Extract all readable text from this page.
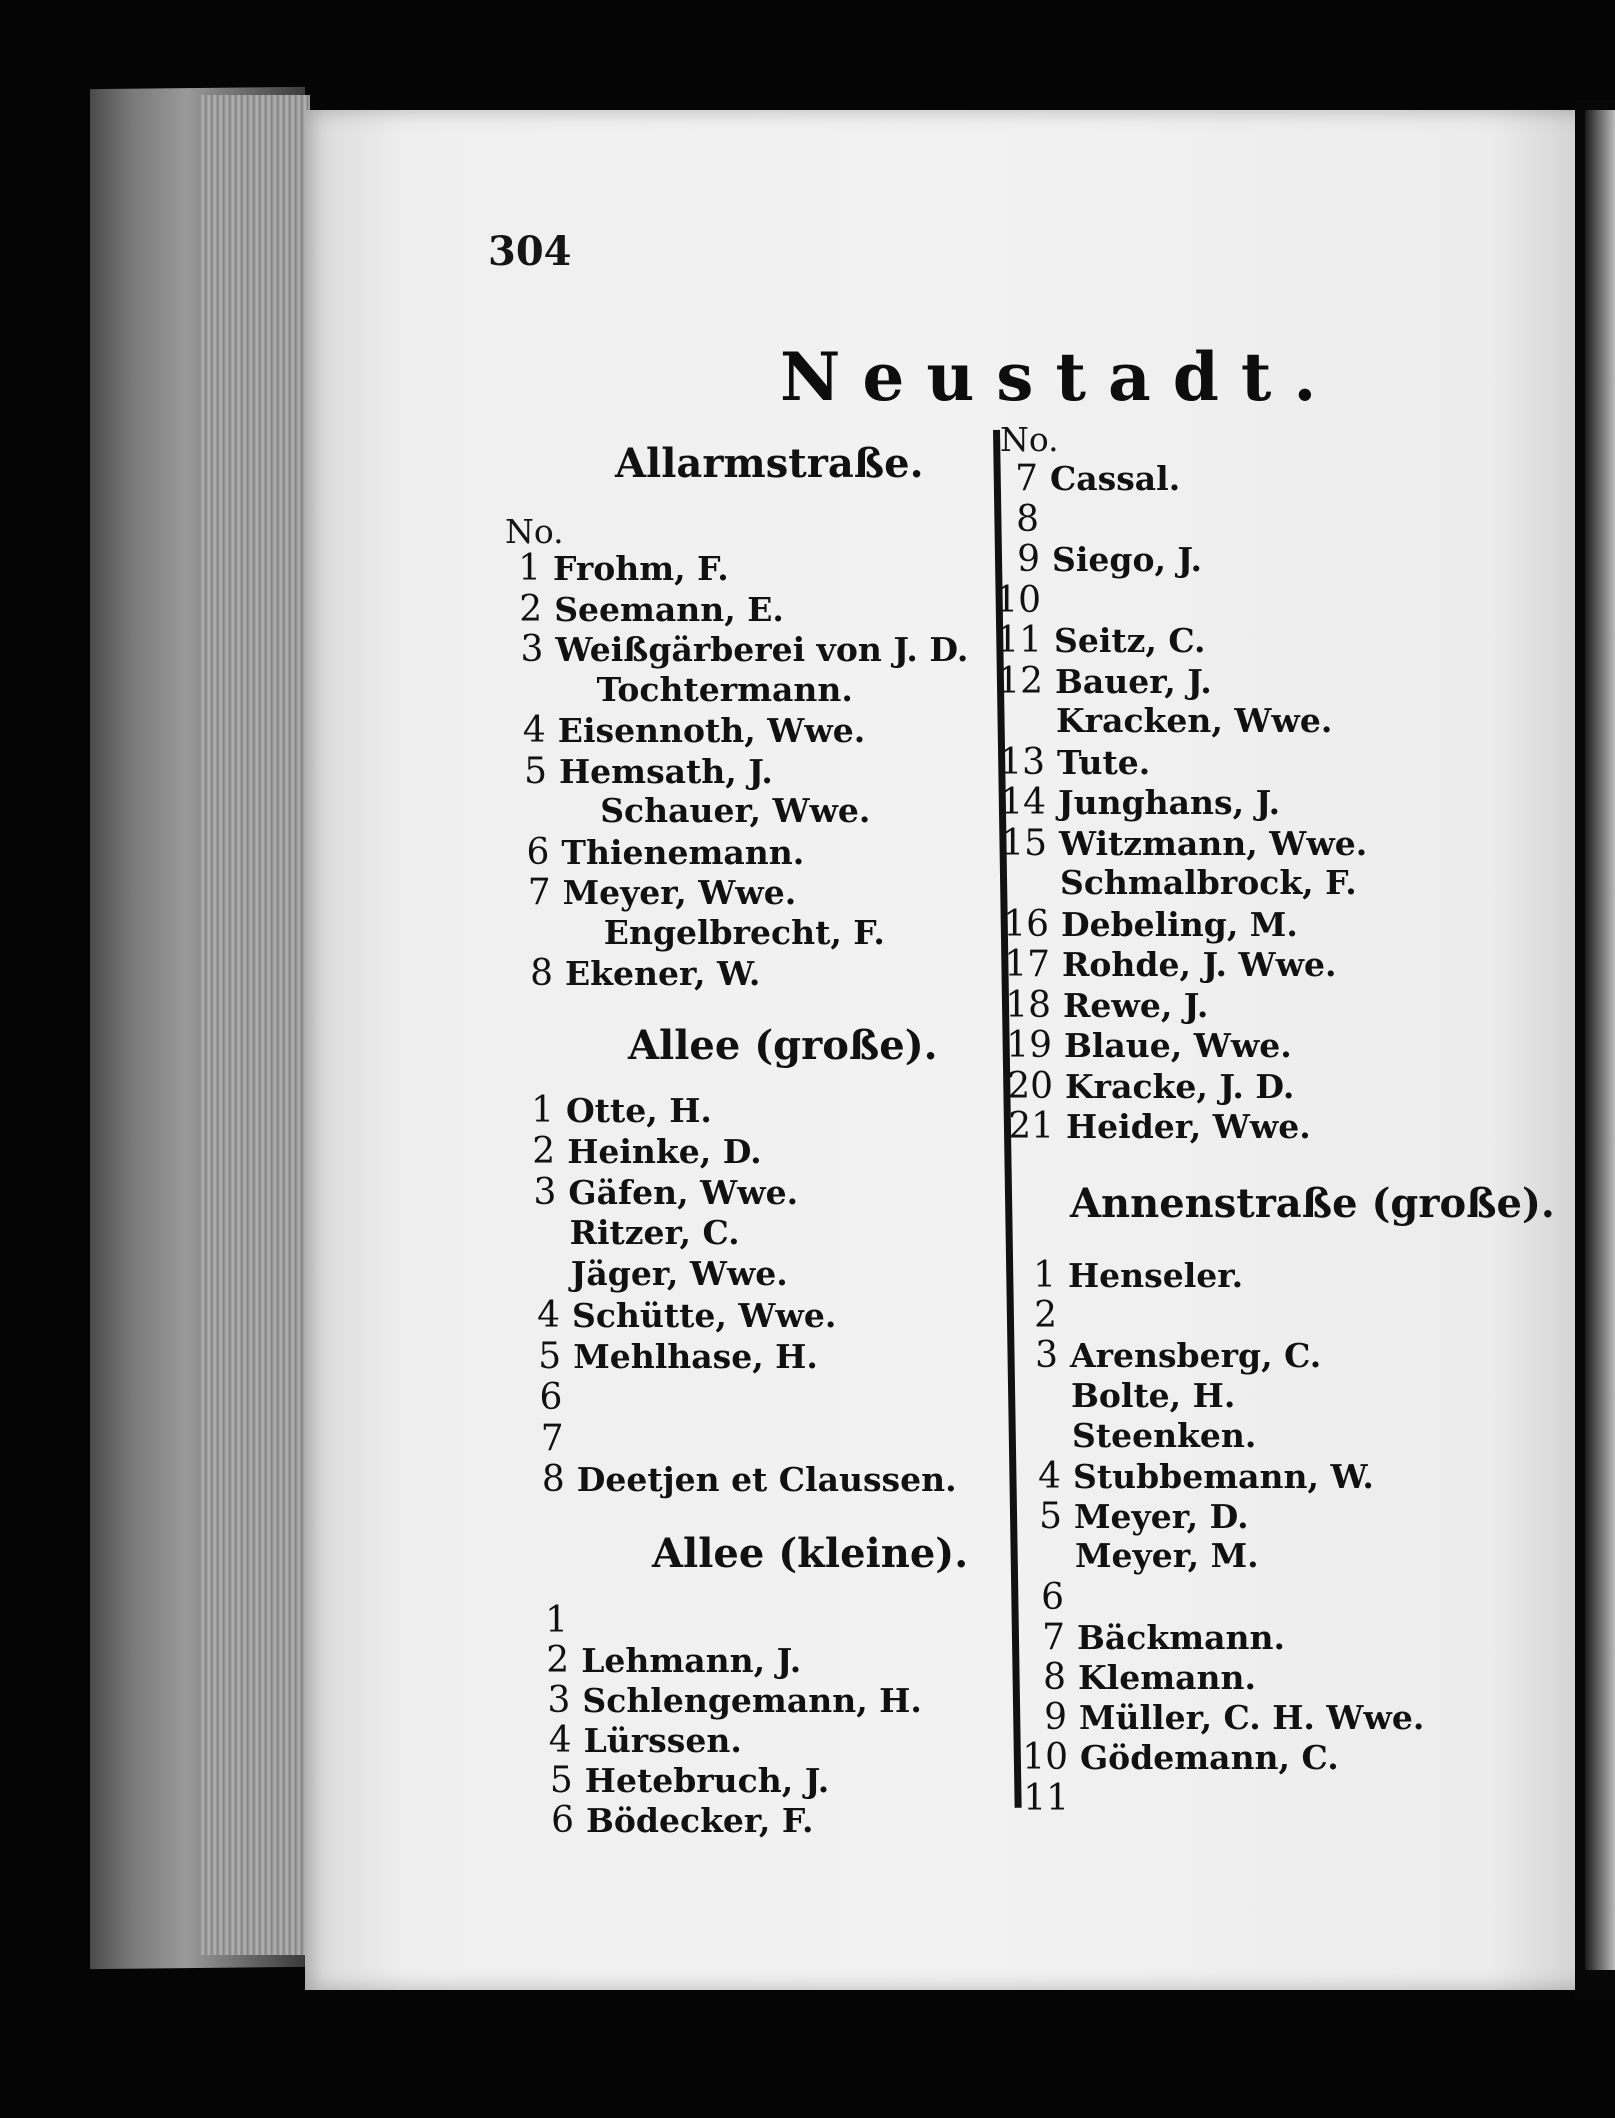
304
Neustadt.
Allarmstraße.
No.
1 Frohm, F.
2 Seemann, E.
3 Weißgärberei von J. D.
Tochtermann.
4 Eisennoth, Wwe.
5 Hemsath, J.
Schauer, Wwe.
6 Thienemann.
7 Meyer, Wwe.
Engelbrecht, F.
8 Ekener, W.
Allee (große).
1 Otte, H.
2 Heinke, D.
3 Gäfen, Wwe.
Ritzer, C.
Jäger, Wwe.
4 Schütte, Wwe.
5 Mehlhase, H.
6
7
8 Deetjen et Claussen.
Allee (kleine).
1
2 Lehmann, J.
3 Schlengemann, H.
4 Lürssen.
5 Hetebruch, J.
6 Bödecker, F.
No.
7 Cassal.
8
9 Siego, J.
10
11 Seitz, C.
12 Bauer, J.
Kracken, Wwe.
13 Tute.
14 Junghans, J.
15 Witzmann, Wwe.
Schmalbrock, F.
16 Debeling, M.
17 Rohde, J. Wwe.
18 Rewe, J.
19 Blaue, Wwe.
20 Kracke, J. D.
21 Heider, Wwe.
Annenstraße (große).
1 Henseler.
2
3 Arensberg, C.
Bolte, H.
Steenken.
4 Stubbemann, W.
5 Meyer, D.
Meyer, M.
6
7 Bäckmann.
8 Klemann.
9 Müller, C. H. Wwe.
10 Gödemann, C.
11
